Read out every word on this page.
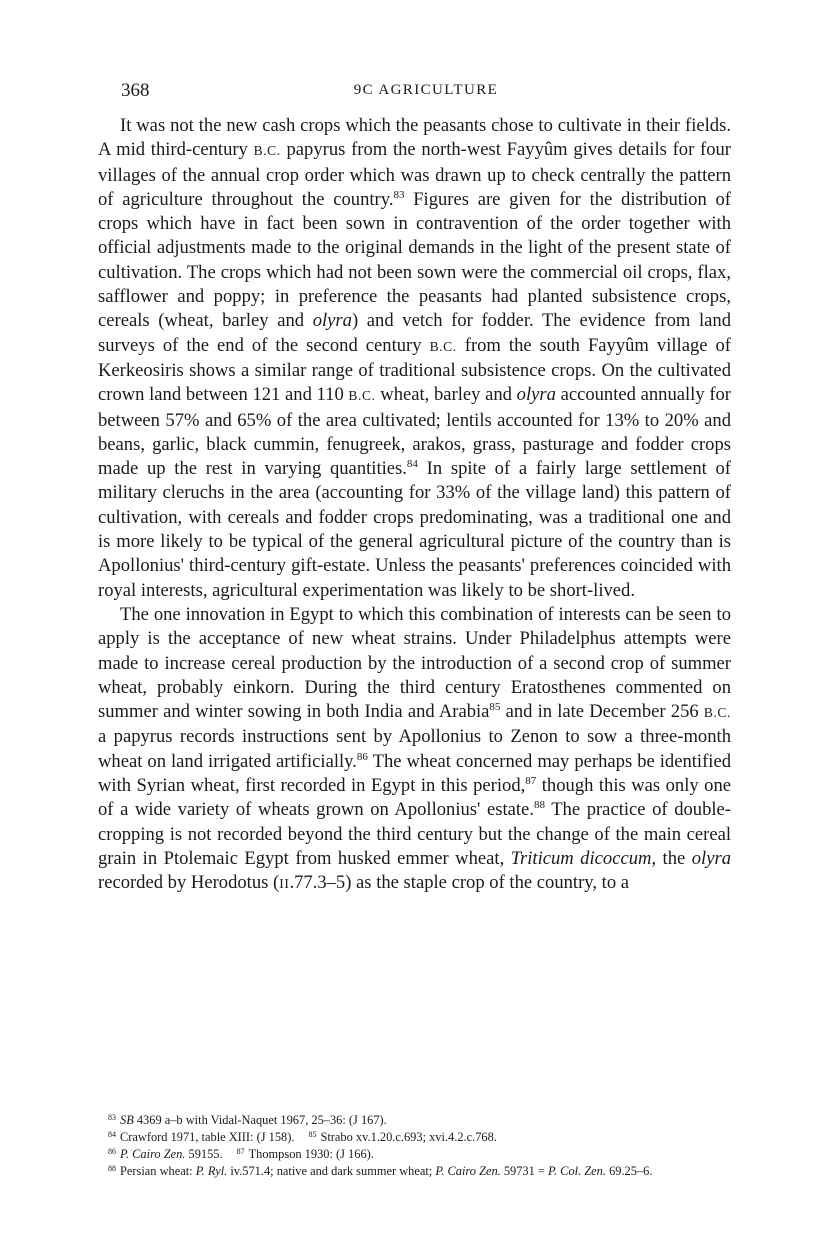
368	9C AGRICULTURE

It was not the new cash crops which the peasants chose to cultivate in their fields. A mid third-century B.C. papyrus from the north-west Fayyûm gives details for four villages of the annual crop order which was drawn up to check centrally the pattern of agriculture throughout the country.$^{83}$ Figures are given for the distribution of crops which have in fact been sown in contravention of the order together with official adjustments made to the original demands in the light of the present state of cultivation. The crops which had not been sown were the commercial oil crops, flax, safflower and poppy; in preference the peasants had planted subsistence crops, cereals (wheat, barley and olyra) and vetch for fodder. The evidence from land surveys of the end of the second century B.C. from the south Fayyûm village of Kerkeosiris shows a similar range of traditional subsistence crops. On the cultivated crown land between 121 and 110 B.C. wheat, barley and olyra accounted annually for between 57% and 65% of the area cultivated; lentils accounted for 13% to 20% and beans, garlic, black cummin, fenugreek, arakos, grass, pasturage and fodder crops made up the rest in varying quantities.$^{84}$ In spite of a fairly large settlement of military cleruchs in the area (accounting for 33% of the village land) this pattern of cultivation, with cereals and fodder crops predominating, was a traditional one and is more likely to be typical of the general agricultural picture of the country than is Apollonius' third-century gift-estate. Unless the peasants' preferences coincided with royal interests, agricultural experimentation was likely to be short-lived.

The one innovation in Egypt to which this combination of interests can be seen to apply is the acceptance of new wheat strains. Under Philadelphus attempts were made to increase cereal production by the introduction of a second crop of summer wheat, probably einkorn. During the third century Eratosthenes commented on summer and winter sowing in both India and Arabia$^{85}$ and in late December 256 B.C. a papyrus records instructions sent by Apollonius to Zenon to sow a three-month wheat on land irrigated artificially.$^{86}$ The wheat concerned may perhaps be identified with Syrian wheat, first recorded in Egypt in this period,$^{87}$ though this was only one of a wide variety of wheats grown on Apollonius' estate.$^{88}$ The practice of double-cropping is not recorded beyond the third century but the change of the main cereal grain in Ptolemaic Egypt from husked emmer wheat, Triticum dicoccum, the olyra recorded by Herodotus (II.77.3–5) as the staple crop of the country, to a

$^{83}$ SB 4369 a–b with Vidal-Naquet 1967, 25–36: (J 167).

$^{84}$ Crawford 1971, table XIII: (J 158). $^{85}$ Strabo xv.1.20.c.693; xvi.4.2.c.768.

$^{86}$ P. Cairo Zen. 59155. $^{87}$ Thompson 1930: (J 166).

$^{88}$ Persian wheat: P. Ryl. iv.571.4; native and dark summer wheat; P. Cairo Zen. 59731 = P. Col. Zen. 69.25–6.
